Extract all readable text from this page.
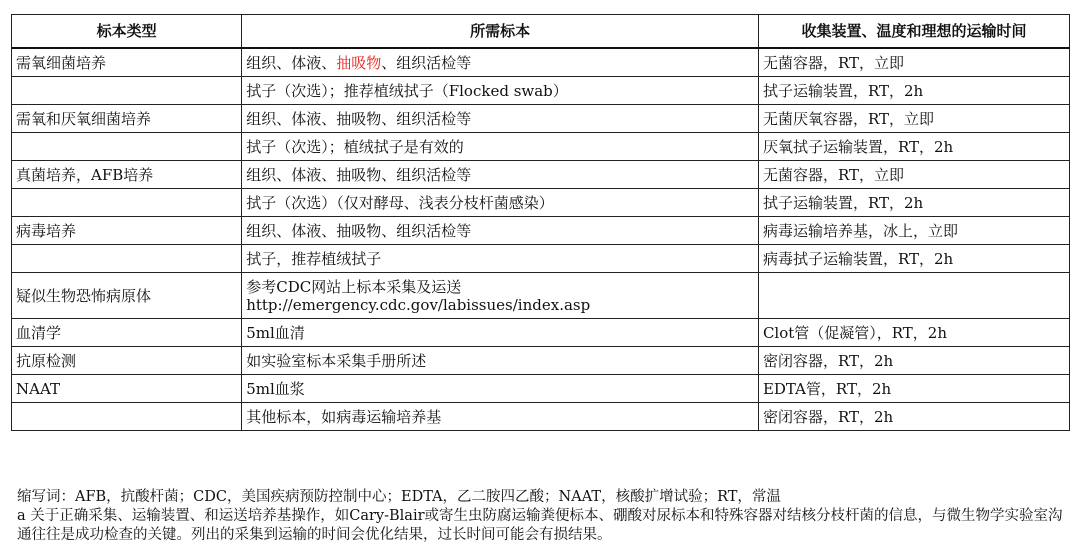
标本类型	所需标本	收集装置、温度和理想的运输时间
需氧细菌培养	组织、体液、抽吸物、组织活检等	无菌容器，RT，立即
	拭子（次选）；推荐植绒拭子（Flocked swab）	拭子运输装置，RT，2h
需氧和厌氧细菌培养	组织、体液、抽吸物、组织活检等	无菌厌氧容器，RT，立即
	拭子（次选）；植绒拭子是有效的	厌氧拭子运输装置，RT，2h
真菌培养，AFB培养	组织、体液、抽吸物、组织活检等	无菌容器，RT，立即
	拭子（次选）（仅对酵母、浅表分枝杆菌感染）	拭子运输装置，RT，2h
病毒培养	组织、体液、抽吸物、组织活检等	病毒运输培养基，冰上，立即
	拭子，推荐植绒拭子	病毒拭子运输装置，RT，2h
疑似生物恐怖病原体	参考CDC网站上标本采集及运送
http://emergency.cdc.gov/labissues/index.asp	

血清学	5ml血清	Clot管（促凝管），RT，2h
抗原检测	如实验室标本采集手册所述	密闭容器，RT，2h
NAAT	5ml血浆	EDTA管，RT，2h
	其他标本，如病毒运输培养基	密闭容器，RT，2h

缩写词：AFB，抗酸杆菌；CDC，美国疾病预防控制中心；EDTA，乙二胺四乙酸；NAAT，核酸扩增试验；RT，常温

a 关于正确采集、运输装置、和运送培养基操作，如Cary-Blair或寄生虫防腐运输粪便标本、硼酸对尿标本和特殊容器对结核分枝杆菌的信息，与微生物学实验室沟通往往是成功检查的关键。列出的采集到运输的时间会优化结果，过长时间可能会有损结果。
